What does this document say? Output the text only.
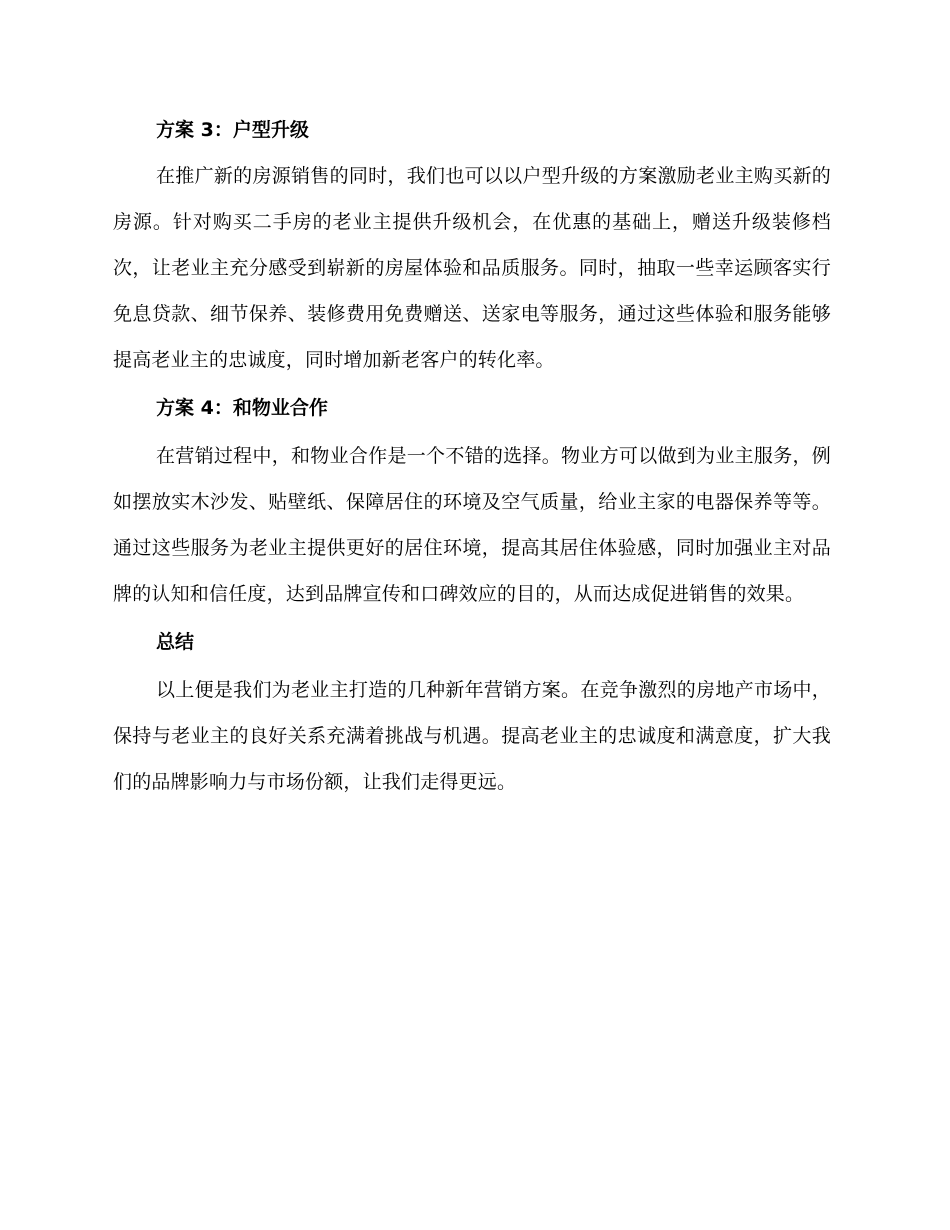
方案 3：户型升级

在推广新的房源销售的同时，我们也可以以户型升级的方案激励老业主购买新的房源。针对购买二手房的老业主提供升级机会，在优惠的基础上，赠送升级装修档次，让老业主充分感受到崭新的房屋体验和品质服务。同时，抽取一些幸运顾客实行免息贷款、细节保养、装修费用免费赠送、送家电等服务，通过这些体验和服务能够提高老业主的忠诚度，同时增加新老客户的转化率。

方案 4：和物业合作

在营销过程中，和物业合作是一个不错的选择。物业方可以做到为业主服务，例如摆放实木沙发、贴壁纸、保障居住的环境及空气质量，给业主家的电器保养等等。通过这些服务为老业主提供更好的居住环境，提高其居住体验感，同时加强业主对品牌的认知和信任度，达到品牌宣传和口碑效应的目的，从而达成促进销售的效果。

总结

以上便是我们为老业主打造的几种新年营销方案。在竞争激烈的房地产市场中，保持与老业主的良好关系充满着挑战与机遇。提高老业主的忠诚度和满意度，扩大我们的品牌影响力与市场份额，让我们走得更远。
